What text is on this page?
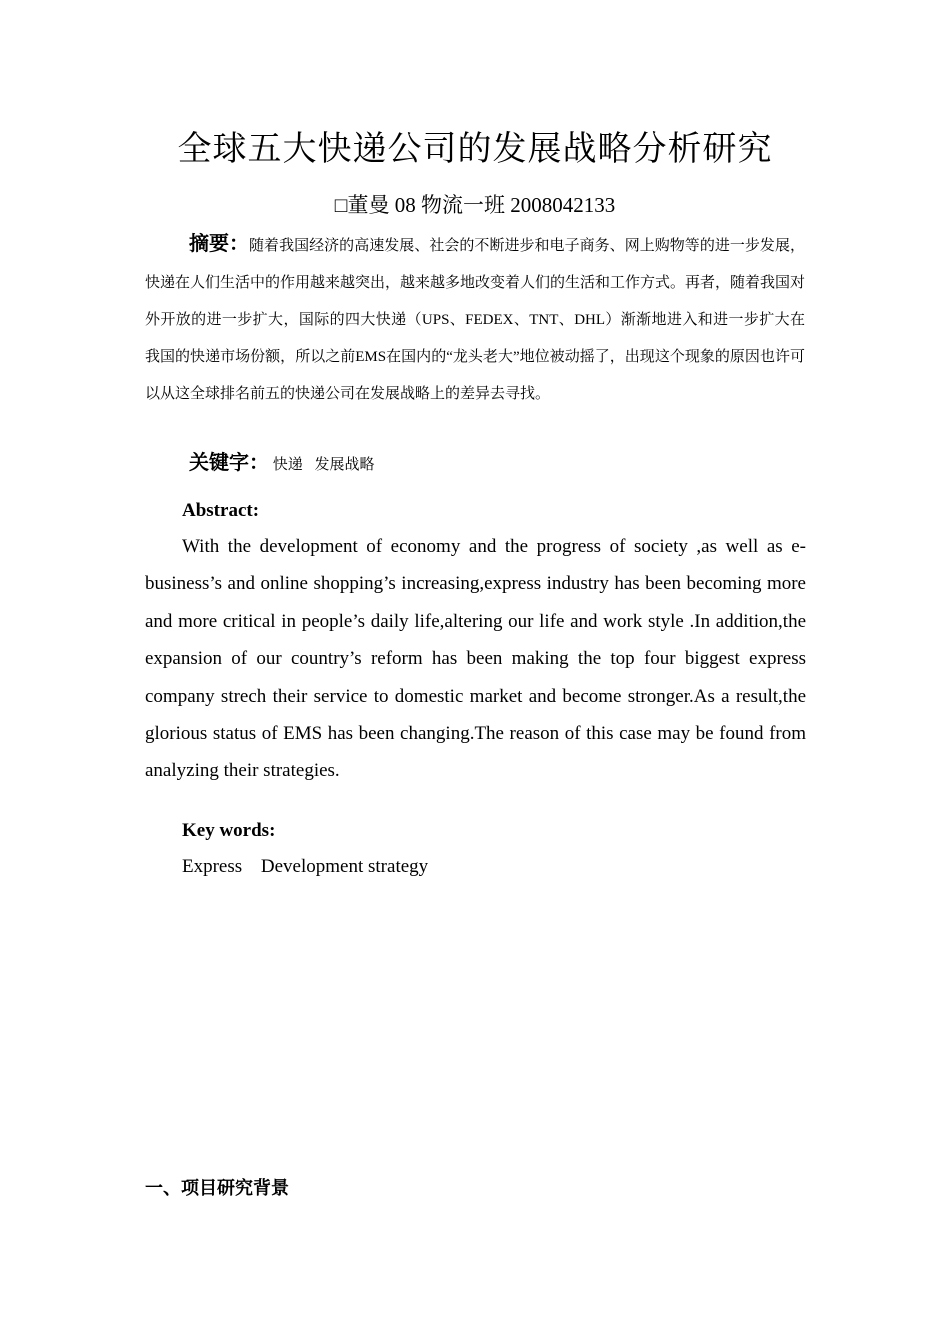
全球五大快递公司的发展战略分析研究
□董曼 08 物流一班 2008042133
摘要：随着我国经济的高速发展、社会的不断进步和电子商务、网上购物等的进一步发展，快递在人们生活中的作用越来越突出，越来越多地改变着人们的生活和工作方式。再者，随着我国对外开放的进一步扩大，国际的四大快递（UPS、FEDEX、TNT、DHL）渐渐地进入和进一步扩大在我国的快递市场份额，所以之前EMS在国内的“龙头老大”地位被动摇了，出现这个现象的原因也许可以从这全球排名前五的快递公司在发展战略上的差异去寻找。
关键字： 快递 发展战略
Abstract:
With the development of economy and the progress of society ,as well as e-business’s and online shopping’s increasing,express industry has been becoming more and more critical in people’s daily life,altering our life and work style .In addition,the expansion of our country’s reform has been making the top four biggest express company strech their service to domestic market and become stronger.As a result,the glorious status of EMS has been changing.The reason of this case may be found from analyzing their strategies.
Key words:
Express Development strategy
一、项目研究背景
